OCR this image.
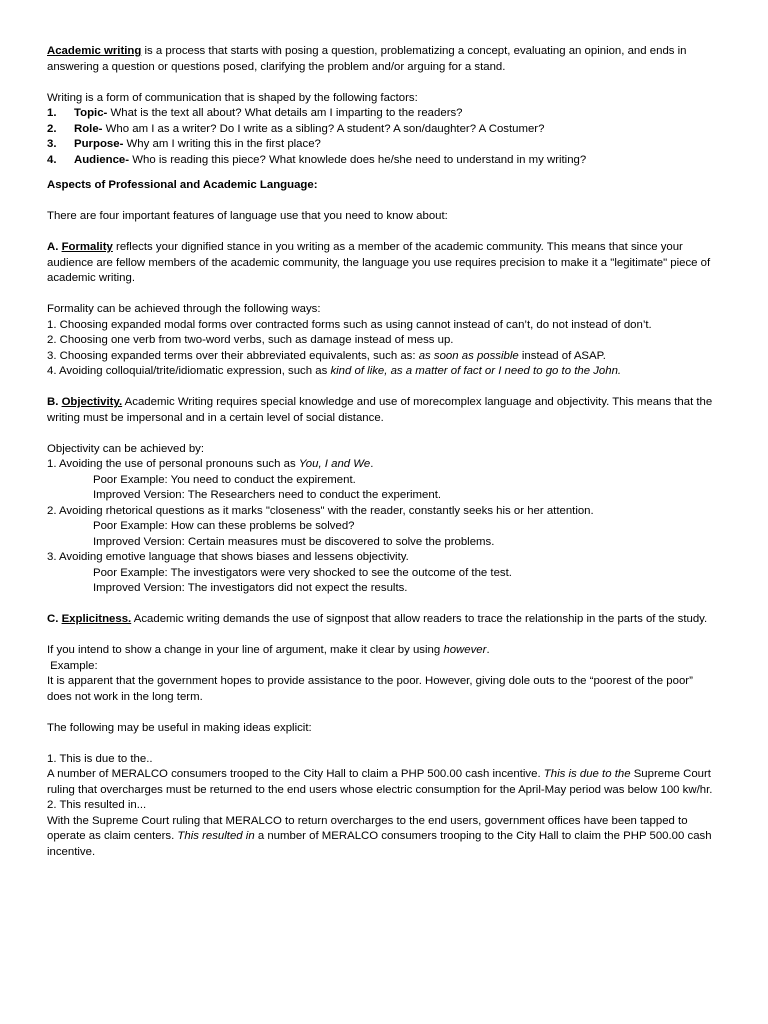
Academic writing is a process that starts with posing a question, problematizing a concept, evaluating an opinion, and ends in answering a question or questions posed, clarifying the problem and/or arguing for a stand.

Writing is a form of communication that is shaped by the following factors:

1. Topic- What is the text all about? What details am I imparting to the readers?

2. Role- Who am I as a writer? Do I write as a sibling? A student? A son/daughter? A Costumer?

3. Purpose- Why am I writing this in the first place?

4. Audience- Who is reading this piece? What knowlede does he/she need to understand in my writing?

Aspects of Professional and Academic Language:

There are four important features of language use that you need to know about:

A. Formality reflects your dignified stance in you writing as a member of the academic community. This means that since your audience are fellow members of the academic community, the language you use requires precision to make it a "legitimate" piece of academic writing.

Formality can be achieved through the following ways:

1. Choosing expanded modal forms over contracted forms such as using cannot instead of can’t, do not instead of don’t.

2. Choosing one verb from two-word verbs, such as damage instead of mess up.

3. Choosing expanded terms over their abbreviated equivalents, such as: as soon as possible instead of ASAP.

4. Avoiding colloquial/trite/idiomatic expression, such as kind of like, as a matter of fact or I need to go to the John.

B. Objectivity. Academic Writing requires special knowledge and use of morecomplex language and objectivity. This means that the writing must be impersonal and in a certain level of social distance.

Objectivity can be achieved by:

1. Avoiding the use of personal pronouns such as You, I and We.

Poor Example: You need to conduct the expirement.

Improved Version: The Researchers need to conduct the experiment.

2. Avoiding rhetorical questions as it marks "closeness" with the reader, constantly seeks his or her attention.

Poor Example: How can these problems be solved?

Improved Version: Certain measures must be discovered to solve the problems.

3. Avoiding emotive language that shows biases and lessens objectivity.

Poor Example: The investigators were very shocked to see the outcome of the test.

Improved Version: The investigators did not expect the results.

C. Explicitness. Academic writing demands the use of signpost that allow readers to trace the relationship in the parts of the study.

If you intend to show a change in your line of argument, make it clear by using however.

Example:

It is apparent that the government hopes to provide assistance to the poor. However, giving dole outs to the “poorest of the poor” does not work in the long term.

The following may be useful in making ideas explicit:

1. This is due to the..

A number of MERALCO consumers trooped to the City Hall to claim a PHP 500.00 cash incentive. This is due to the Supreme Court ruling that overcharges must be returned to the end users whose electric consumption for the April-May period was below 100 kw/hr.

2. This resulted in...

With the Supreme Court ruling that MERALCO to return overcharges to the end users, government offices have been tapped to operate as claim centers. This resulted in a number of MERALCO consumers trooping to the City Hall to claim the PHP 500.00 cash incentive.
